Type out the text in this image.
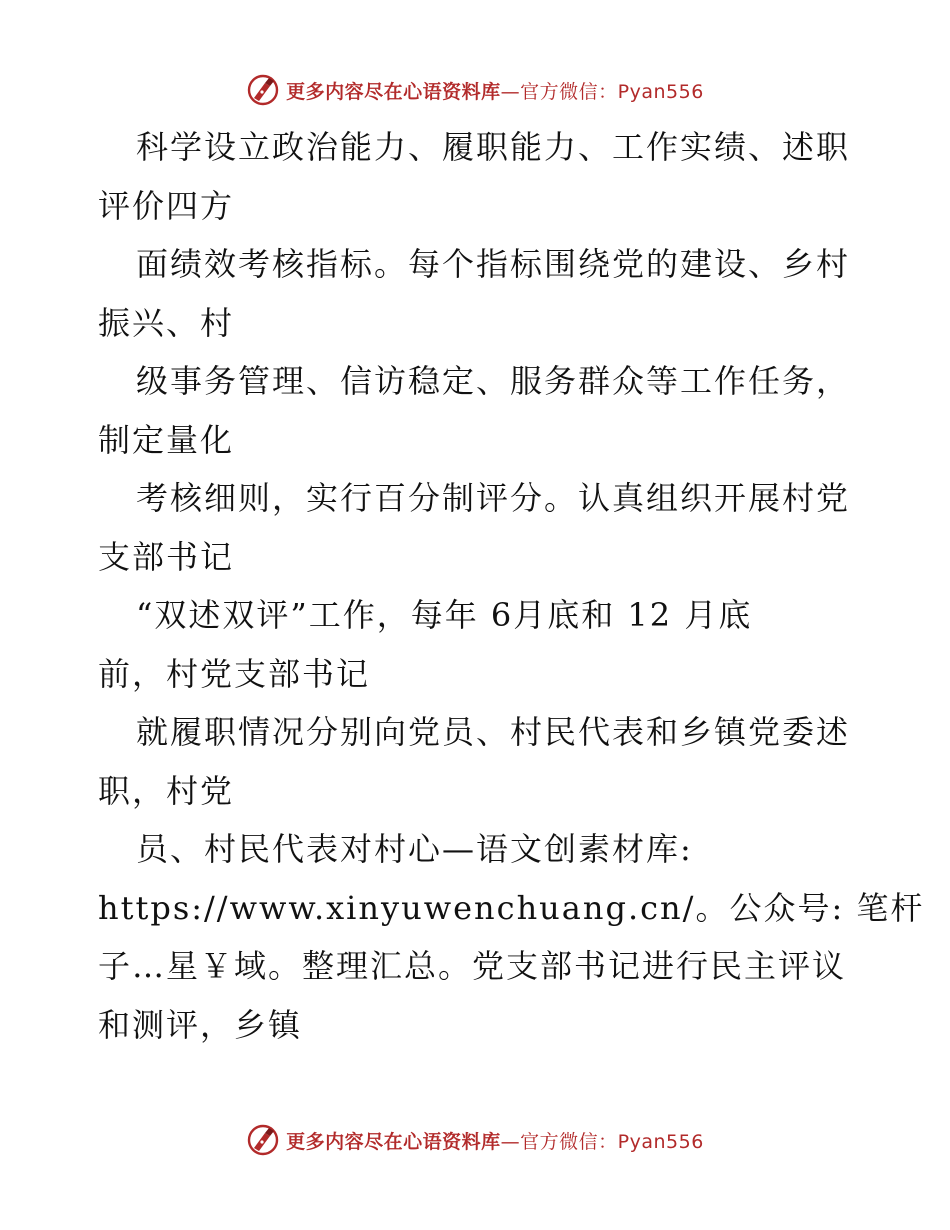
更多内容尽在心语资料库—官方微信：Pyan556
科学设立政治能力、履职能力、工作实绩、述职
评价四方
面绩效考核指标。每个指标围绕党的建设、乡村
振兴、村
级事务管理、信访稳定、服务群众等工作任务，
制定量化
考核细则，实行百分制评分。认真组织开展村党
支部书记
“双述双评”工作，每年 6月底和 12 月底
前，村党支部书记
就履职情况分别向党员、村民代表和乡镇党委述
职，村党
员、村民代表对村心—语文创素材库:
https://www.xinyuwenchuang.cn/。公众号: 笔杆
子…星￥域。整理汇总。党支部书记进行民主评议
和测评，乡镇
更多内容尽在心语资料库—官方微信：Pyan556
